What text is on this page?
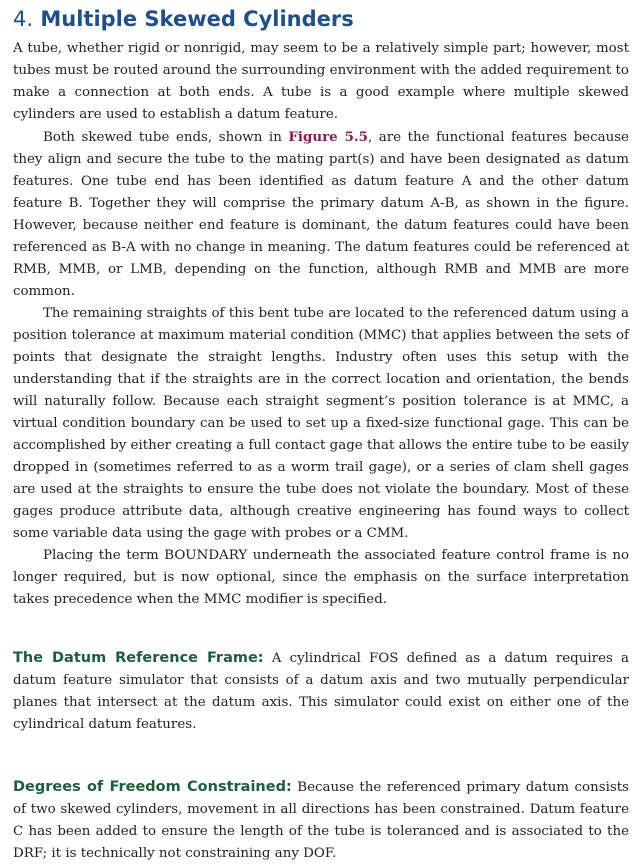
4. Multiple Skewed Cylinders

A tube, whether rigid or nonrigid, may seem to be a relatively simple part; however, most tubes must be routed around the surrounding environment with the added requirement to make a connection at both ends. A tube is a good example where multiple skewed cylinders are used to establish a datum feature.

Both skewed tube ends, shown in Figure 5.5, are the functional features because they align and secure the tube to the mating part(s) and have been designated as datum features. One tube end has been identified as datum feature A and the other datum feature B. Together they will comprise the primary datum A-B, as shown in the figure. However, because neither end feature is dominant, the datum features could have been referenced as B-A with no change in meaning. The datum features could be referenced at RMB, MMB, or LMB, depending on the function, although RMB and MMB are more common.

The remaining straights of this bent tube are located to the referenced datum using a position tolerance at maximum material condition (MMC) that applies between the sets of points that designate the straight lengths. Industry often uses this setup with the understanding that if the straights are in the correct location and orientation, the bends will naturally follow. Because each straight segment’s position tolerance is at MMC, a virtual condition boundary can be used to set up a fixed-size functional gage. This can be accomplished by either creating a full contact gage that allows the entire tube to be easily dropped in (sometimes referred to as a worm trail gage), or a series of clam shell gages are used at the straights to ensure the tube does not violate the boundary. Most of these gages produce attribute data, although creative engineering has found ways to collect some variable data using the gage with probes or a CMM.

Placing the term BOUNDARY underneath the associated feature control frame is no longer required, but is now optional, since the emphasis on the surface interpretation takes precedence when the MMC modifier is specified.

The Datum Reference Frame: A cylindrical FOS defined as a datum requires a datum feature simulator that consists of a datum axis and two mutually perpendicular planes that intersect at the datum axis. This simulator could exist on either one of the cylindrical datum features.

Degrees of Freedom Constrained: Because the referenced primary datum consists of two skewed cylinders, movement in all directions has been constrained. Datum feature C has been added to ensure the length of the tube is toleranced and is associated to the DRF; it is technically not constraining any DOF.
